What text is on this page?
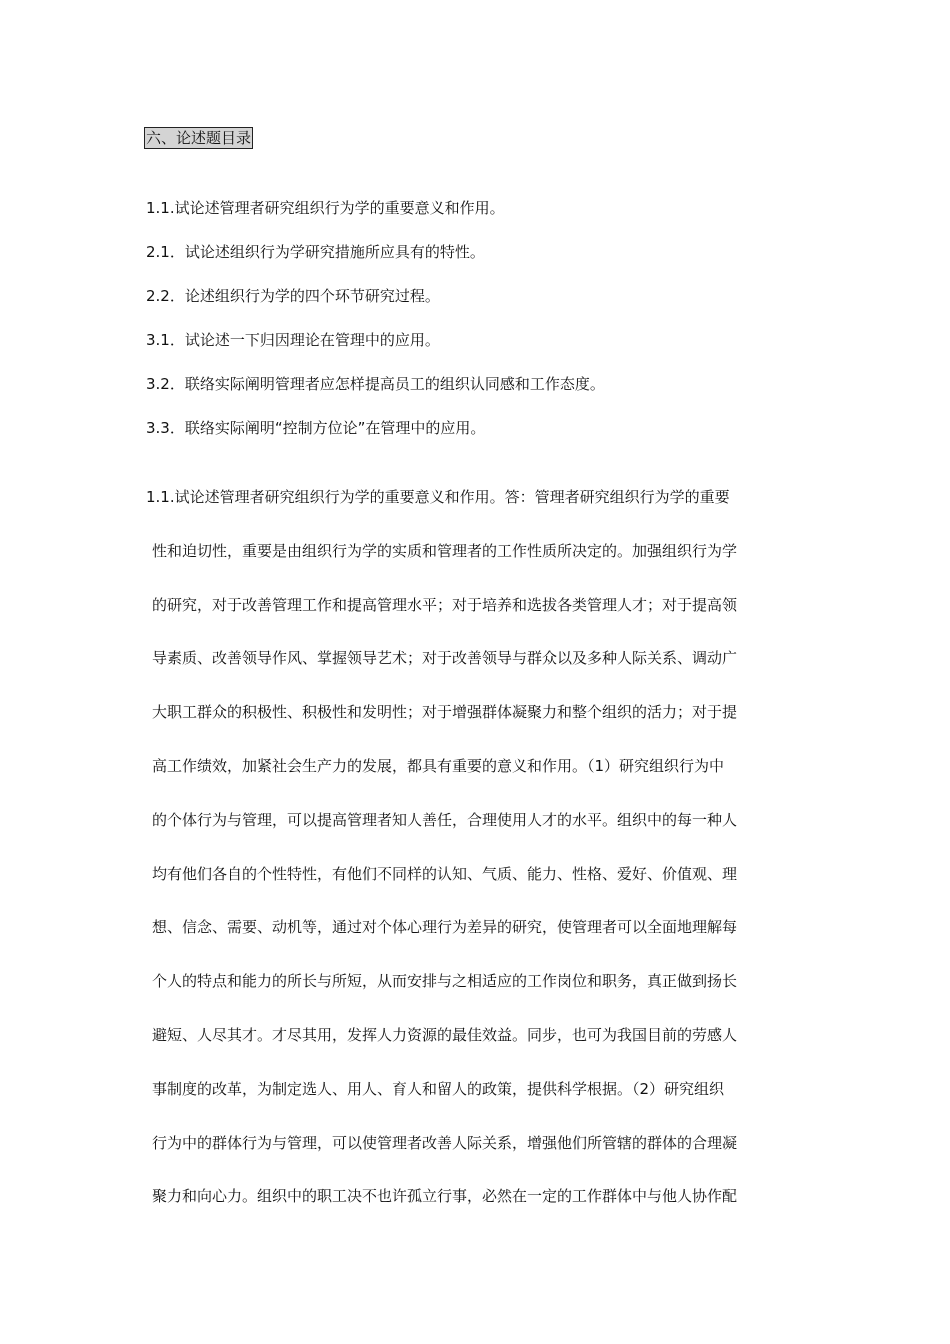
六、论述题目录
1.1.试论述管理者研究组织行为学的重要意义和作用。
2.1．试论述组织行为学研究措施所应具有的特性。
2.2．论述组织行为学的四个环节研究过程。
3.1．试论述一下归因理论在管理中的应用。
3.2．联络实际阐明管理者应怎样提高员工的组织认同感和工作态度。
3.3．联络实际阐明“控制方位论”在管理中的应用。
1.1.试论述管理者研究组织行为学的重要意义和作用。答：管理者研究组织行为学的重要
性和迫切性，重要是由组织行为学的实质和管理者的工作性质所决定的。加强组织行为学
的研究，对于改善管理工作和提高管理水平；对于培养和选拔各类管理人才；对于提高领
导素质、改善领导作风、掌握领导艺术；对于改善领导与群众以及多种人际关系、调动广
大职工群众的积极性、积极性和发明性；对于增强群体凝聚力和整个组织的活力；对于提
高工作绩效，加紧社会生产力的发展，都具有重要的意义和作用。（1）研究组织行为中
的个体行为与管理，可以提高管理者知人善任，合理使用人才的水平。组织中的每一种人
均有他们各自的个性特性，有他们不同样的认知、气质、能力、性格、爱好、价值观、理
想、信念、需要、动机等，通过对个体心理行为差异的研究，使管理者可以全面地理解每
个人的特点和能力的所长与所短，从而安排与之相适应的工作岗位和职务，真正做到扬长
避短、人尽其才。才尽其用，发挥人力资源的最佳效益。同步，也可为我国目前的劳感人
事制度的改革，为制定选人、用人、育人和留人的政策，提供科学根据。（2）研究组织
行为中的群体行为与管理，可以使管理者改善人际关系，增强他们所管辖的群体的合理凝
聚力和向心力。组织中的职工决不也许孤立行事，必然在一定的工作群体中与他人协作配
